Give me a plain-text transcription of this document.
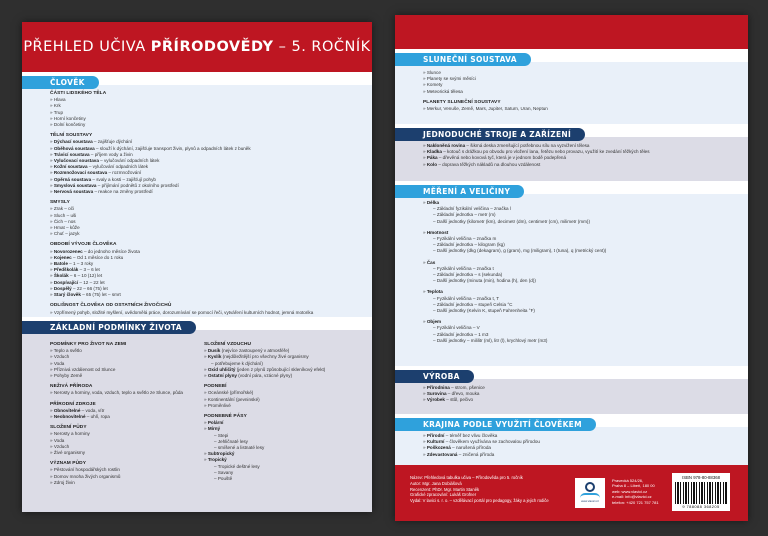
PŘEHLED UČIVA PŘÍRODOVĚDY – 5. ROČNÍK
ČLOVĚK
ČÁSTI LIDSKÉHO TĚLA
» Hlava
» Krk
» Trup
» Horní končetiny
» Dolní končetiny
TĚLNÍ SOUSTAVY
» Dýchací soustava – zajišťuje dýchání
» Oběhová soustava – slouží k dýchání, zajišťuje transport živin, plynů a odpadních látek z buněk
» Trávicí soustava – příjem vody a živin
» Vylučovací soustava – vylučování odpadních látek
» Kožní soustava – vylučování odpadních látek
» Rozmnožovací soustava – rozmnožování
» Opěrná soustava – svaly a kosti – zajišťují pohyb
» Smyslová soustava – přijímání podnětů z okolního prostředí
» Nervová soustava – reakce na změny prostředí
SMYSLY
» Zrak – oči
» Sluch – uši
» Čich – nos
» Hmat – kůže
» Chuť – jazyk
OBDOBÍ VÝVOJE ČLOVĚKA
» Novorozenec – do jednoho měsíce života
» Kojenec – Od 1 měsíce do 1 roku
» Batole – 1 – 3 roky
» Předškolák – 3 – 6 let
» Školák – 6 – 10 (12) let
» Dospívající – 12 – 22 let
» Dospělý – 22 – 66 (75) let
» Starý člověk – 65 (75) let – smrt
ODLIŠNOST ČLOVĚKA OD OSTATNÍCH ŽIVOČICHŮ
» Vzpřímený pohyb, složité myšlení, uvědomělá práce, dorozumívání se pomocí řeči, vytváření kulturních hodnot, jemná motorika
ZÁKLADNÍ PODMÍNKY ŽIVOTA
PODMÍNKY PRO ŽIVOT NA ZEMI
» Teplo a světlo
» Vzduch
» Voda
» Příznivá vzdálenost od Slunce
» Pohyby Země
NEŽIVÁ PŘÍRODA
» Nerosty a horniny, voda, vzduch, teplo a světlo ze Slunce, půda
PŘÍRODNÍ ZDROJE
» Obnovitelné – voda, vítr
» Neobnovitelné – uhlí, ropa
SLOŽENÍ PŮDY
» Nerosty a horniny
» Voda
» Vzduch
» Živé organismy
VÝZNAM PŮDY
» Pěstování hospodářských rostlin
» Domov mnoha živých organismů
» Zdroj živin
SLOŽENÍ VZDUCHU
» Dusík (nejvíce zastoupený v atmosféře)
» Kyslík (nejdůležitější pro všechny živé organismy
– potřebujeme k dýchání)
» Oxid uhličitý (jeden z plynů způsobující skleníkový efekt)
» Ostatní plyny (vodní pára, vzácné plyny)
PODNEBÍ
» Oceánské (přímořské)
» Kontinentální (pevninské)
» Proměnlivé
PODNEBNÉ PÁSY
» Polární
» Mírný
– Stepi
– Jehličnaté lesy
– smíšené a listnaté lesy
» Subtropický
» Tropický
– Tropické deštné lesy
– Savany
– Pouště
SLUNEČNÍ SOUSTAVA
» Slunce
» Planety se svými měsíci
» Komety
» Meteorická tělesa
PLANETY SLUNEČNÍ SOUSTAVY
» Merkur, Venuše, Země, Mars, Jupiter, Saturn, Uran, Neptun
JEDNODUCHÉ STROJE A ZAŘÍZENÍ
» Nakloněná rovina – šikmá deska zmenšující potřebnou sílu na vyzvižení tělesa
» Kladka – kotouč s drážkou po obvodu pro vložení lana, řetězu nebo provazu, využití ke zvedání těžkých těles
» Páka – dřevěná nebo kovová tyč, která je v jednom bodě podepřená
» Kolo – doprava těžkých nákladů na dlouhou vzdálenost
MĚŘENÍ A VELIČINY
» Délka
– Základní fyzikální veličina – značka l
– Základní jednotka – metr (m)
– Další jednotky (kilometr (km), decimetr (dm), centimetr (cm), milimetr (mm))
» Hmotnost
– Fyzikální veličina – značka m
– Základní jednotka – kilogram (kg)
– Další jednotky (dkg (dekagram), g (gram), mg (miligram), t (tuna), q (metrický cent))
» Čas
– Fyzikální veličina – značka t
– Základní jednotka – s (sekunda)
– Další jednotky (minuta (min), hodina (h), den (d))
» Teplota
– Fyzikální veličina – značka t, T
– Základní jednotka – stupeň Celsia °C
– Další jednotky (Kelvin K, stupeň Fahrenheita °F)
» Objem
– Fyzikální veličina – V
– Základní jednotka – 1 m3
– Další jednotky – mililitr (ml), litr (l), krychlový metr (m3)
VÝROBA
» Přírodnina – strom, pšenice
» Surovina – dřevo, mouka
» Výrobek – stůl, pečivo
KRAJINA PODLE VYUŽITÍ ČLOVĚKEM
» Přírodní – téměř bez vlivu člověka
» Kulturní – člověkem využívána se zachovalou přírodou
» Poškozená – narušená příroda
» Zdevastovaná – zničená příroda
Název: Přehledová tabulka učiva – Přírodověda pro 5. ročník
Autor: Mgr. Jana Dobiášová
Recenzent: PhDr. Mgr. Martin Staněk
Grafické zpracování: Lukáš Grofner
Vydal: V lavici s. r. o. – vzdělávací portál pro pedagogy, žáky a jejich rodiče	www.vlavici.cz
Pravecká 524/26,
Praha 8 – Libeň, 180 00
web: www.vlavici.cz
e-mail: info@vlavici.cz
telefon: +420 721 757 781
ISBN 978-80-88368
9 788088 368205
